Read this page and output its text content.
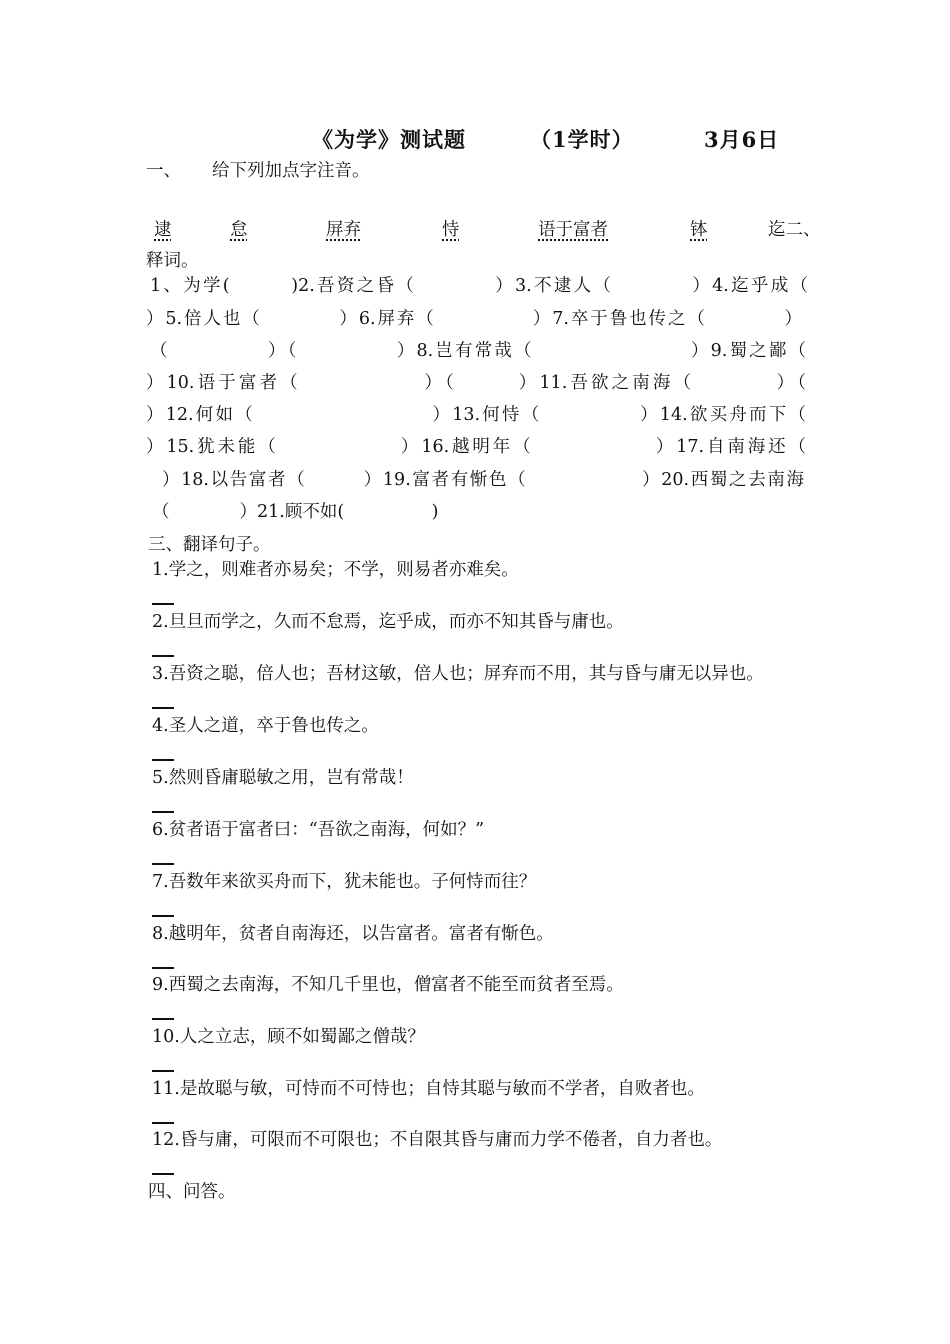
《为学》测试题	（1学时）	3月6日
一、 给下列加点字注音。
逮	怠	屏弃	恃	语于富者	钵	迄二、
释词。
1、为学(　　　)2.吾资之昏（　　　　）3.不逮人（　　　　）4.迄乎成（
）5.倍人也（　　　　）6.屏弃（　　　　　）7.卒于鲁也传之（　　　　）
（　　　　　）（　　　　　）8.岂有常哉（　　　　　　　　）9.蜀之鄙（
）10.语于富者（　　　　　　）（　　　）11.吾欲之南海（　　　　）（
）12.何如（　　　　　　　　　）13.何恃（　　　　　）14.欲买舟而下（
）15.犹未能（　　　　　　）16.越明年（　　　　　　）17.自南海还（
）18.以告富者（　　　）19.富者有惭色（　　　　　　）20.西蜀之去南海
（　　　　）21.顾不如(　　　　　)
三、翻译句子。
1.学之，则难者亦易矣；不学，则易者亦难矣。
2.旦旦而学之，久而不怠焉，迄乎成，而亦不知其昏与庸也。
3.吾资之聪，倍人也；吾材这敏，倍人也；屏弃而不用，其与昏与庸无以异也。
4.圣人之道，卒于鲁也传之。
5.然则昏庸聪敏之用，岂有常哉！
6.贫者语于富者曰：“吾欲之南海，何如？”
7.吾数年来欲买舟而下，犹未能也。子何恃而往？
8.越明年，贫者自南海还，以告富者。富者有惭色。
9.西蜀之去南海，不知几千里也，僧富者不能至而贫者至焉。
10.人之立志，顾不如蜀鄙之僧哉？
11.是故聪与敏，可恃而不可恃也；自恃其聪与敏而不学者，自败者也。
12.昏与庸，可限而不可限也；不自限其昏与庸而力学不倦者，自力者也。
四、问答。
